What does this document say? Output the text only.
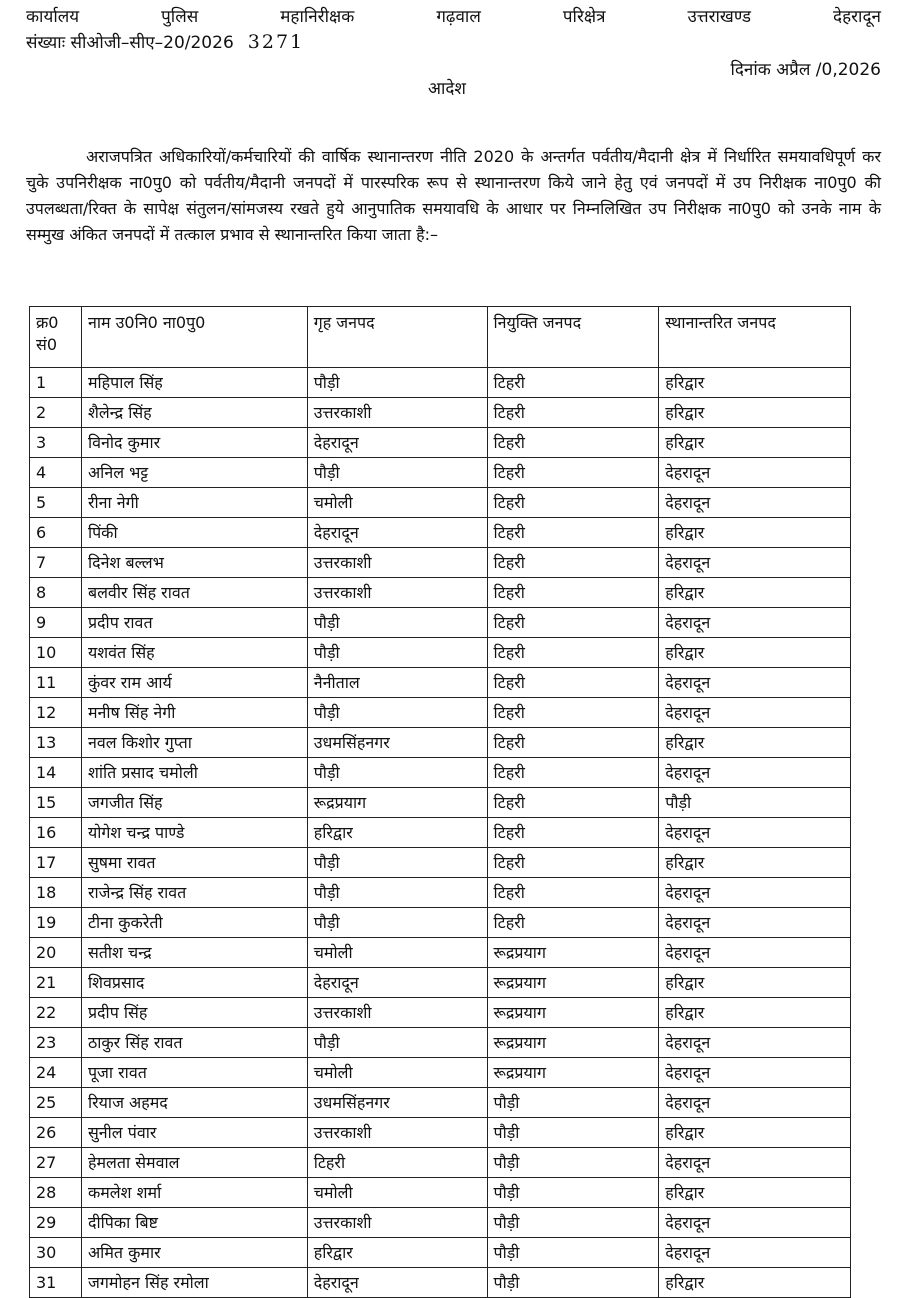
कार्यालय	पुलिस	महानिरीक्षक	गढ़वाल	परिक्षेत्र	उत्तराखण्ड	देहरादून
संख्याः सीओजी–सीए–20/2026 3271
दिनांक अप्रैल /0,2026
आदेश

अराजपत्रित अधिकारियों/कर्मचारियों की वार्षिक स्थानान्तरण नीति 2020 के अन्तर्गत पर्वतीय/मैदानी क्षेत्र में निर्धारित समयावधिपूर्ण कर चुके उपनिरीक्षक ना0पु0 को पर्वतीय/मैदानी जनपदों में पारस्परिक रूप से स्थानान्तरण किये जाने हेतु एवं जनपदों में उप निरीक्षक ना0पु0 की उपलब्धता/रिक्त के सापेक्ष संतुलन/सांमजस्य रखते हुये आनुपातिक समयावधि के आधार पर निम्नलिखित उप निरीक्षक ना0पु0 को उनके नाम के सम्मुख अंकित जनपदों में तत्काल प्रभाव से स्थानान्तरित किया जाता है:–

क्र0 सं0	नाम उ0नि0 ना0पु0	गृह जनपद	नियुक्ति जनपद	स्थानान्तरित जनपद
1	महिपाल सिंह	पौड़ी	टिहरी	हरिद्वार
2	शैलेन्द्र सिंह	उत्तरकाशी	टिहरी	हरिद्वार
3	विनोद कुमार	देहरादून	टिहरी	हरिद्वार
4	अनिल भट्ट	पौड़ी	टिहरी	देहरादून
5	रीना नेगी	चमोली	टिहरी	देहरादून
6	पिंकी	देहरादून	टिहरी	हरिद्वार
7	दिनेश बल्लभ	उत्तरकाशी	टिहरी	देहरादून
8	बलवीर सिंह रावत	उत्तरकाशी	टिहरी	हरिद्वार
9	प्रदीप रावत	पौड़ी	टिहरी	देहरादून
10	यशवंत सिंह	पौड़ी	टिहरी	हरिद्वार
11	कुंवर राम आर्य	नैनीताल	टिहरी	देहरादून
12	मनीष सिंह नेगी	पौड़ी	टिहरी	देहरादून
13	नवल किशोर गुप्ता	उधमसिंहनगर	टिहरी	हरिद्वार
14	शांति प्रसाद चमोली	पौड़ी	टिहरी	देहरादून
15	जगजीत सिंह	रूद्रप्रयाग	टिहरी	पौड़ी
16	योगेश चन्द्र पाण्डे	हरिद्वार	टिहरी	देहरादून
17	सुषमा रावत	पौड़ी	टिहरी	हरिद्वार
18	राजेन्द्र सिंह रावत	पौड़ी	टिहरी	देहरादून
19	टीना कुकरेती	पौड़ी	टिहरी	देहरादून
20	सतीश चन्द्र	चमोली	रूद्रप्रयाग	देहरादून
21	शिवप्रसाद	देहरादून	रूद्रप्रयाग	हरिद्वार
22	प्रदीप सिंह	उत्तरकाशी	रूद्रप्रयाग	हरिद्वार
23	ठाकुर सिंह रावत	पौड़ी	रूद्रप्रयाग	देहरादून
24	पूजा रावत	चमोली	रूद्रप्रयाग	देहरादून
25	रियाज अहमद	उधमसिंहनगर	पौड़ी	देहरादून
26	सुनील पंवार	उत्तरकाशी	पौड़ी	हरिद्वार
27	हेमलता सेमवाल	टिहरी	पौड़ी	देहरादून
28	कमलेश शर्मा	चमोली	पौड़ी	हरिद्वार
29	दीपिका बिष्ट	उत्तरकाशी	पौड़ी	देहरादून
30	अमित कुमार	हरिद्वार	पौड़ी	देहरादून
31	जगमोहन सिंह रमोला	देहरादून	पौड़ी	हरिद्वार
